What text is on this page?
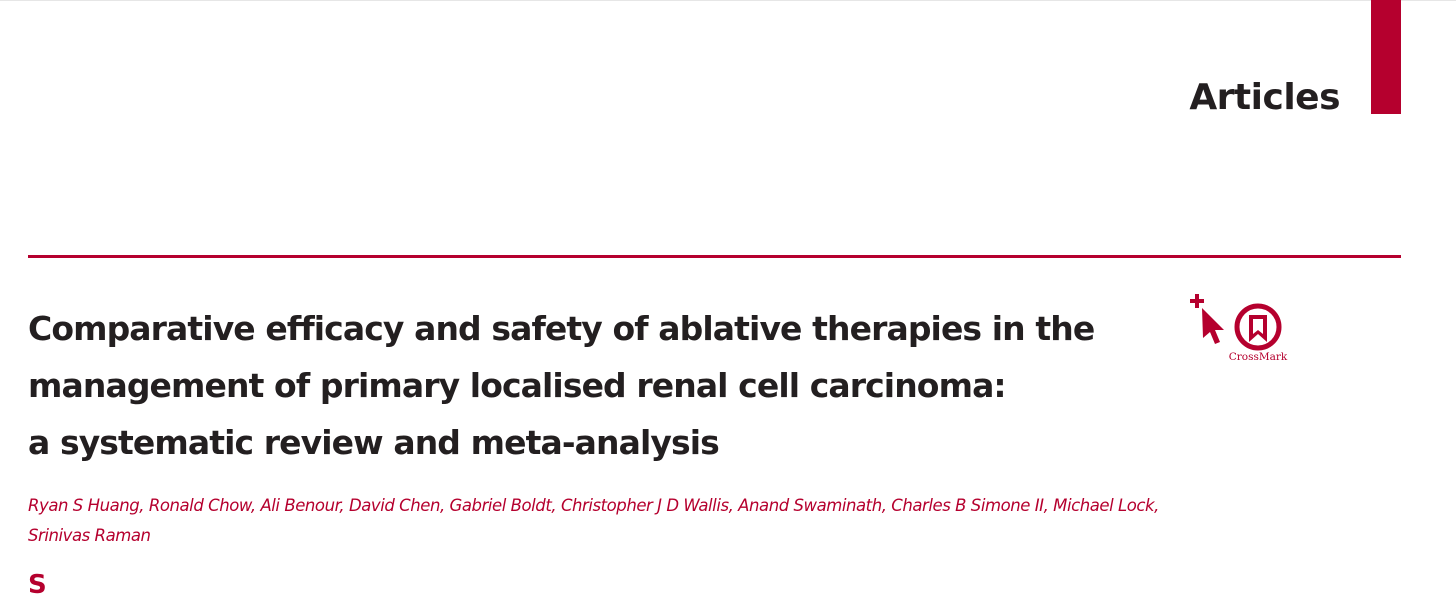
Articles
Comparative efficacy and safety of ablative therapies in the
management of primary localised renal cell carcinoma:
a systematic review and meta-analysis
Ryan S Huang, Ronald Chow, Ali Benour, David Chen, Gabriel Boldt, Christopher J D Wallis, Anand Swaminath, Charles B Simone II, Michael Lock,
Srinivas Raman
S
CrossMark
